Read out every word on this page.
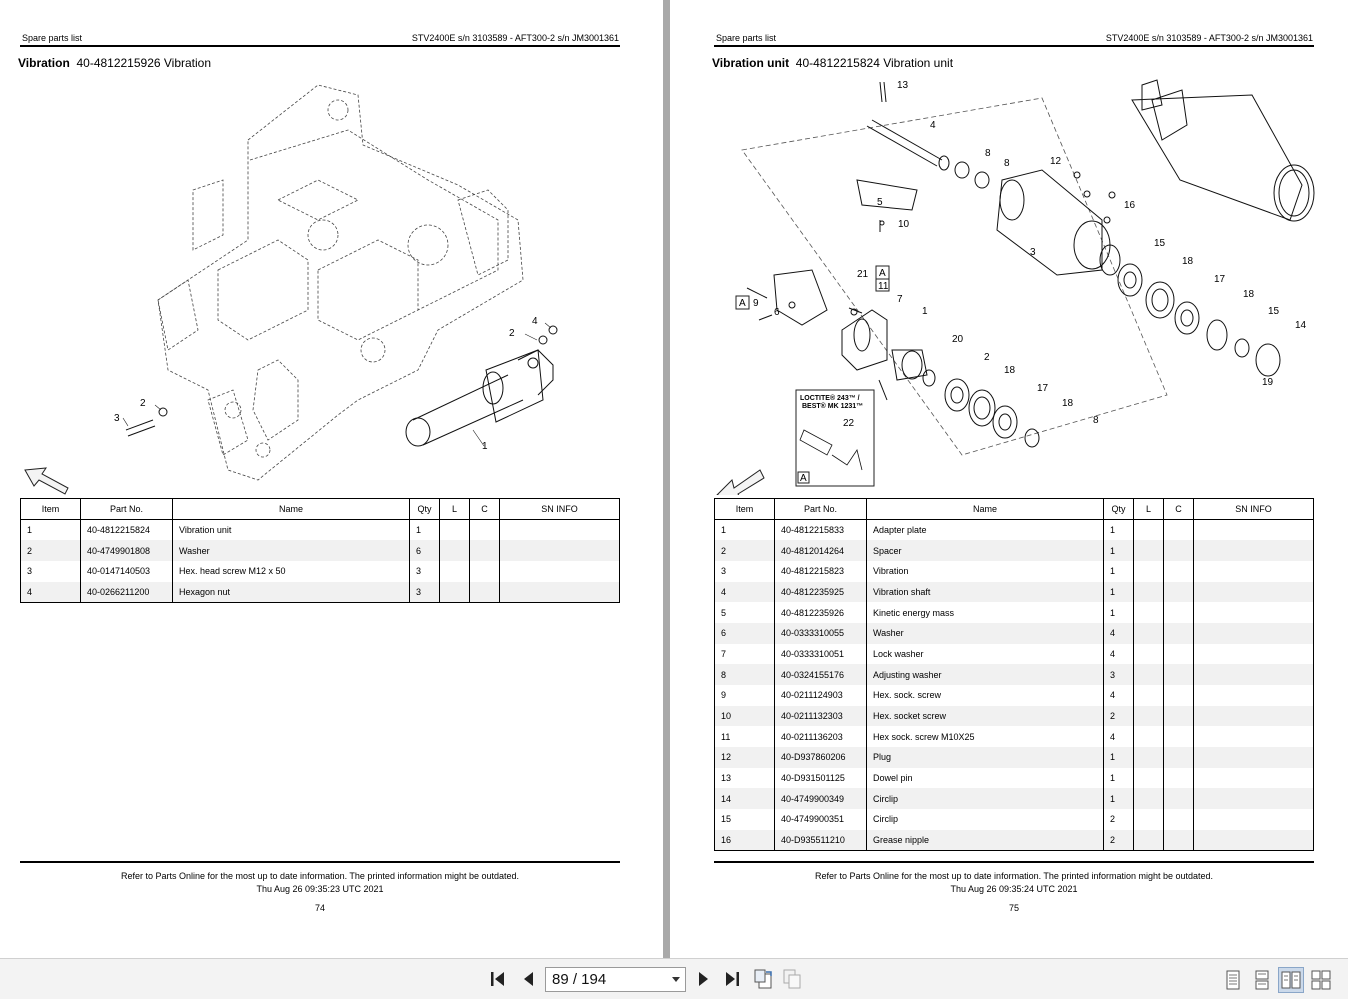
Spare parts list	STV2400E s/n 3103589 - AFT300-2 s/n JM3001361
Vibration 40-4812215926 Vibration
1
2
2
3
4
Item	Part No.	Name	Qty	L	C	SN INFO
1	40-4812215824	Vibration unit	1			
2	40-4749901808	Washer	6			
3	40-0147140503	Hex. head screw M12 x 50	3			
4	40-0266211200	Hexagon nut	3			
Refer to Parts Online for the most up to date information. The printed information might be outdated.
Thu Aug 26 09:35:23 UTC 2021
74
Spare parts list	STV2400E s/n 3103589 - AFT300-2 s/n JM3001361
Vibration unit 40-4812215824 Vibration unit
LOCTITE® 243™ /
BEST® MK 1231™
13
4
8
8	12
5
10
16
3
15
18
17
18
15
14
19
21 A
11
7
A 9
6	1
20
2
18
17
18
8
22
A
Item	Part No.	Name	Qty	L	C	SN INFO
1	40-4812215833	Adapter plate	1			
2	40-4812014264	Spacer	1			
3	40-4812215823	Vibration	1			
4	40-4812235925	Vibration shaft	1			
5	40-4812235926	Kinetic energy mass	1			
6	40-0333310055	Washer	4			
7	40-0333310051	Lock washer	4			
8	40-0324155176	Adjusting washer	3			
9	40-0211124903	Hex. sock. screw	4			
10	40-0211132303	Hex. socket screw	2			
11	40-0211136203	Hex sock. screw M10X25	4			
12	40-D937860206	Plug	1			
13	40-D931501125	Dowel pin	1			
14	40-4749900349	Circlip	1			
15	40-4749900351	Circlip	2			
16	40-D935511210	Grease nipple	2			
Refer to Parts Online for the most up to date information. The printed information might be outdated.
Thu Aug 26 09:35:24 UTC 2021
75
89 / 194
